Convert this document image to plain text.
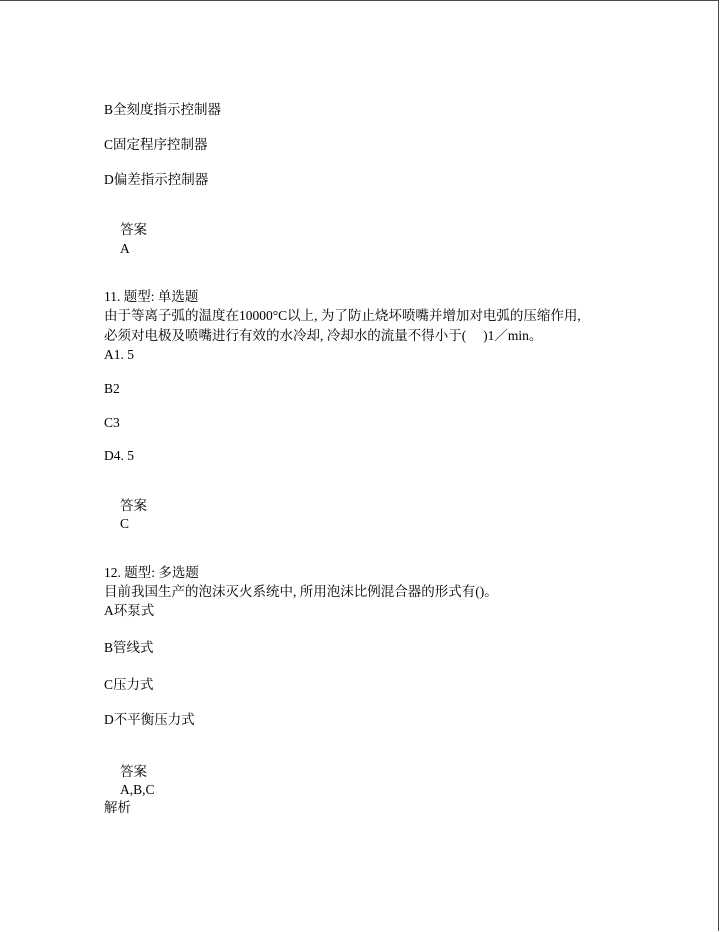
B全刻度指示控制器
C固定程序控制器
D偏差指示控制器
答案
A
11. 题型: 单选题
由于等离子弧的温度在10000°C以上, 为了防止烧坏喷嘴并增加对电弧的压缩作用,
必须对电极及喷嘴进行有效的水冷却, 冷却水的流量不得小于(　 )1／min。
A1. 5
B2
C3
D4. 5
答案
C
12. 题型: 多选题
目前我国生产的泡沫灭火系统中, 所用泡沫比例混合器的形式有()。
A环泵式
B管线式
C压力式
D不平衡压力式
答案
A,B,C
解析
